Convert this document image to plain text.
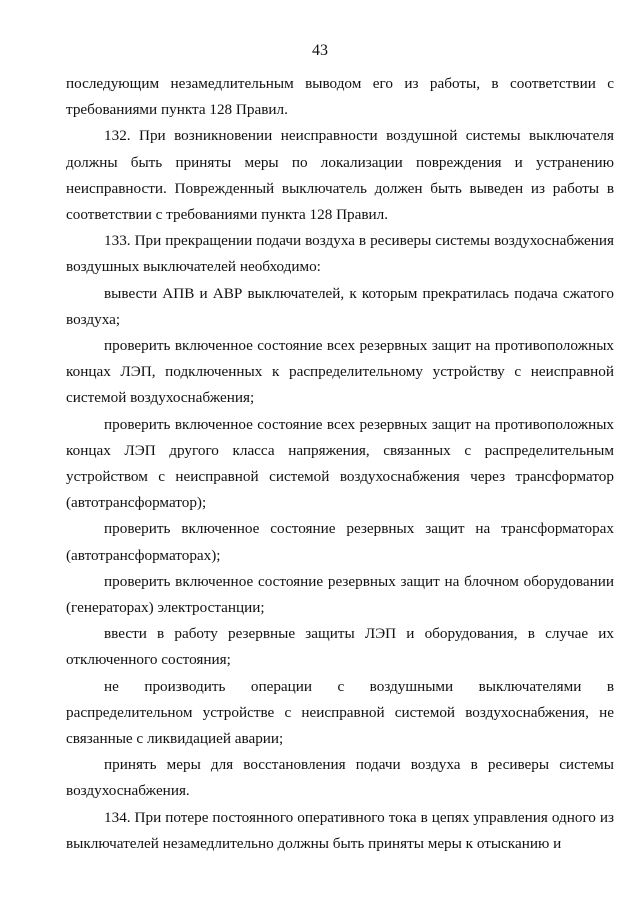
43

последующим незамедлительным выводом его из работы, в соответствии с требованиями пункта 128 Правил.

132. При возникновении неисправности воздушной системы выключателя должны быть приняты меры по локализации повреждения и устранению неисправности. Поврежденный выключатель должен быть выведен из работы в соответствии с требованиями пункта 128 Правил.

133. При прекращении подачи воздуха в ресиверы системы воздухоснабжения воздушных выключателей необходимо:

вывести АПВ и АВР выключателей, к которым прекратилась подача сжатого воздуха;

проверить включенное состояние всех резервных защит на противоположных концах ЛЭП, подключенных к распределительному устройству с неисправной системой воздухоснабжения;

проверить включенное состояние всех резервных защит на противоположных концах ЛЭП другого класса напряжения, связанных с распределительным устройством с неисправной системой воздухоснабжения через трансформатор (автотрансформатор);

проверить включенное состояние резервных защит на трансформаторах (автотрансформаторах);

проверить включенное состояние резервных защит на блочном оборудовании (генераторах) электростанции;

ввести в работу резервные защиты ЛЭП и оборудования, в случае их отключенного состояния;

не производить операции с воздушными выключателями в распределительном устройстве с неисправной системой воздухоснабжения, не связанные с ликвидацией аварии;

принять меры для восстановления подачи воздуха в ресиверы системы воздухоснабжения.

134. При потере постоянного оперативного тока в цепях управления одного из выключателей незамедлительно должны быть приняты меры к отысканию и
